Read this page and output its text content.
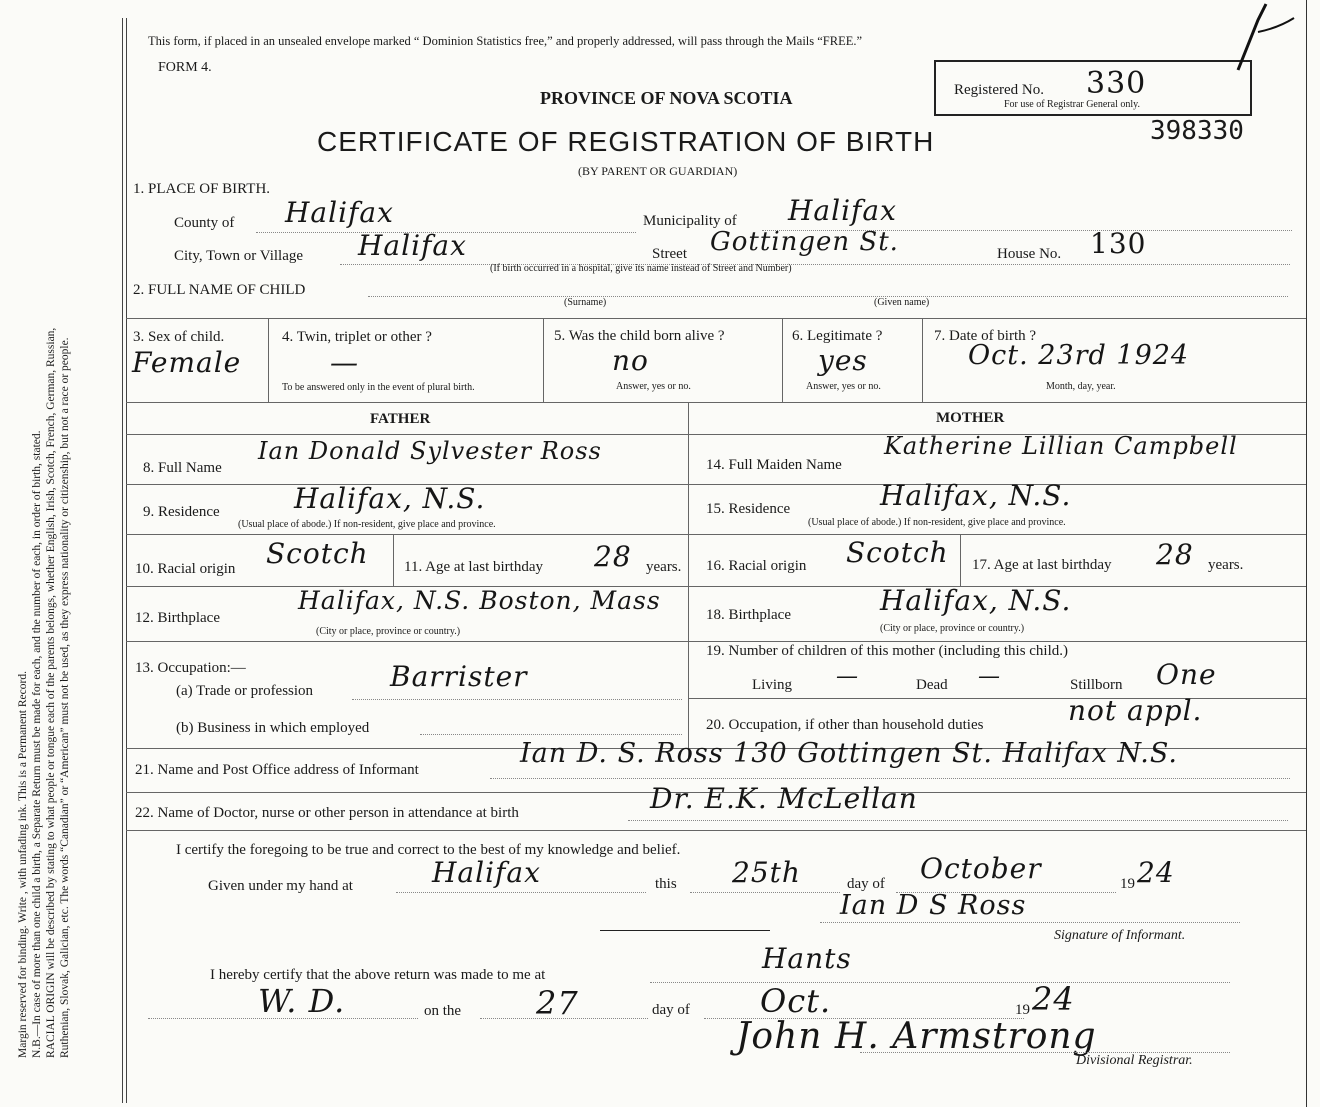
Margin reserved for binding. Write , with unfading ink. This is a Permanent Record. N.B.—In case of more than one child a birth, a Separate Return must be made for each, and the number of each, in order of birth, stated. RACIAL ORIGIN will be described by stating to what people or tongue each of the parents belongs, whether English, Irish, Scotch, French, German, Russian, Ruthenian, Slovak, Galician, etc. The words “Canadian” or “American” must not be used, as they express nationality or citizenship, but not a race or people.
This form, if placed in an unsealed envelope marked “ Dominion Statistics free,” and properly addressed, will pass through the Mails “FREE.”
FORM 4.
PROVINCE OF NOVA SCOTIA
CERTIFICATE OF REGISTRATION OF BIRTH
(BY PARENT OR GUARDIAN)
Registered No. 330
For use of Registrar General only.
398330
1. PLACE OF BIRTH.
County of Halifax	Municipality of Halifax
City, Town or Village Halifax	Street Gottingen St.	House No. 130
(If birth occurred in a hospital, give its name instead of Street and Number)
2. FULL NAME OF CHILD
(Surname)	(Given name)
3. Sex of child.
Female
4. Twin, triplet or other ?
—
To be answered only in the event of plural birth.
5. Was the child born alive ?
no
Answer, yes or no.
6. Legitimate ?
yes
Answer, yes or no.
7. Date of birth ?
Oct. 23rd 1924
Month, day, year.
FATHER	MOTHER
8. Full Name
Ian Donald Sylvester Ross
9. Residence	Halifax, N.S.
(Usual place of abode.) If non-resident, give place and province.
10. Racial origin Scotch 11. Age at last birthday 28 years.
12. Birthplace
Halifax, N.S. Boston, Mass
(City or place, province or country.)
13. Occupation:—
(a) Trade or profession	Barrister
(b) Business in which employed
14. Full Maiden Name
Katherine Lillian Campbell
15. Residence	Halifax, N.S.
(Usual place of abode.) If non-resident, give place and province.
16. Racial origin Scotch 17. Age at last birthday 28 years.
18. Birthplace	Halifax, N.S.
(City or place, province or country.)
19. Number of children of this mother (including this child.)
Living —	Dead —	Stillborn One
20. Occupation, if other than household duties	not appl.
21. Name and Post Office address of Informant
Ian D. S. Ross 130 Gottingen St. Halifax N.S.
22. Name of Doctor, nurse or other person in attendance at birth	Dr. E.K. McLellan
I certify the foregoing to be true and correct to the best of my knowledge and belief.
Given under my hand at	Halifax	this 25th	day of October	19 24
Ian D S Ross
Signature of Informant.
I hereby certify that the above return was made to me at	Hants
W. D.	on the 27	day of Oct.	19 24
John H. Armstrong
Divisional Registrar.
